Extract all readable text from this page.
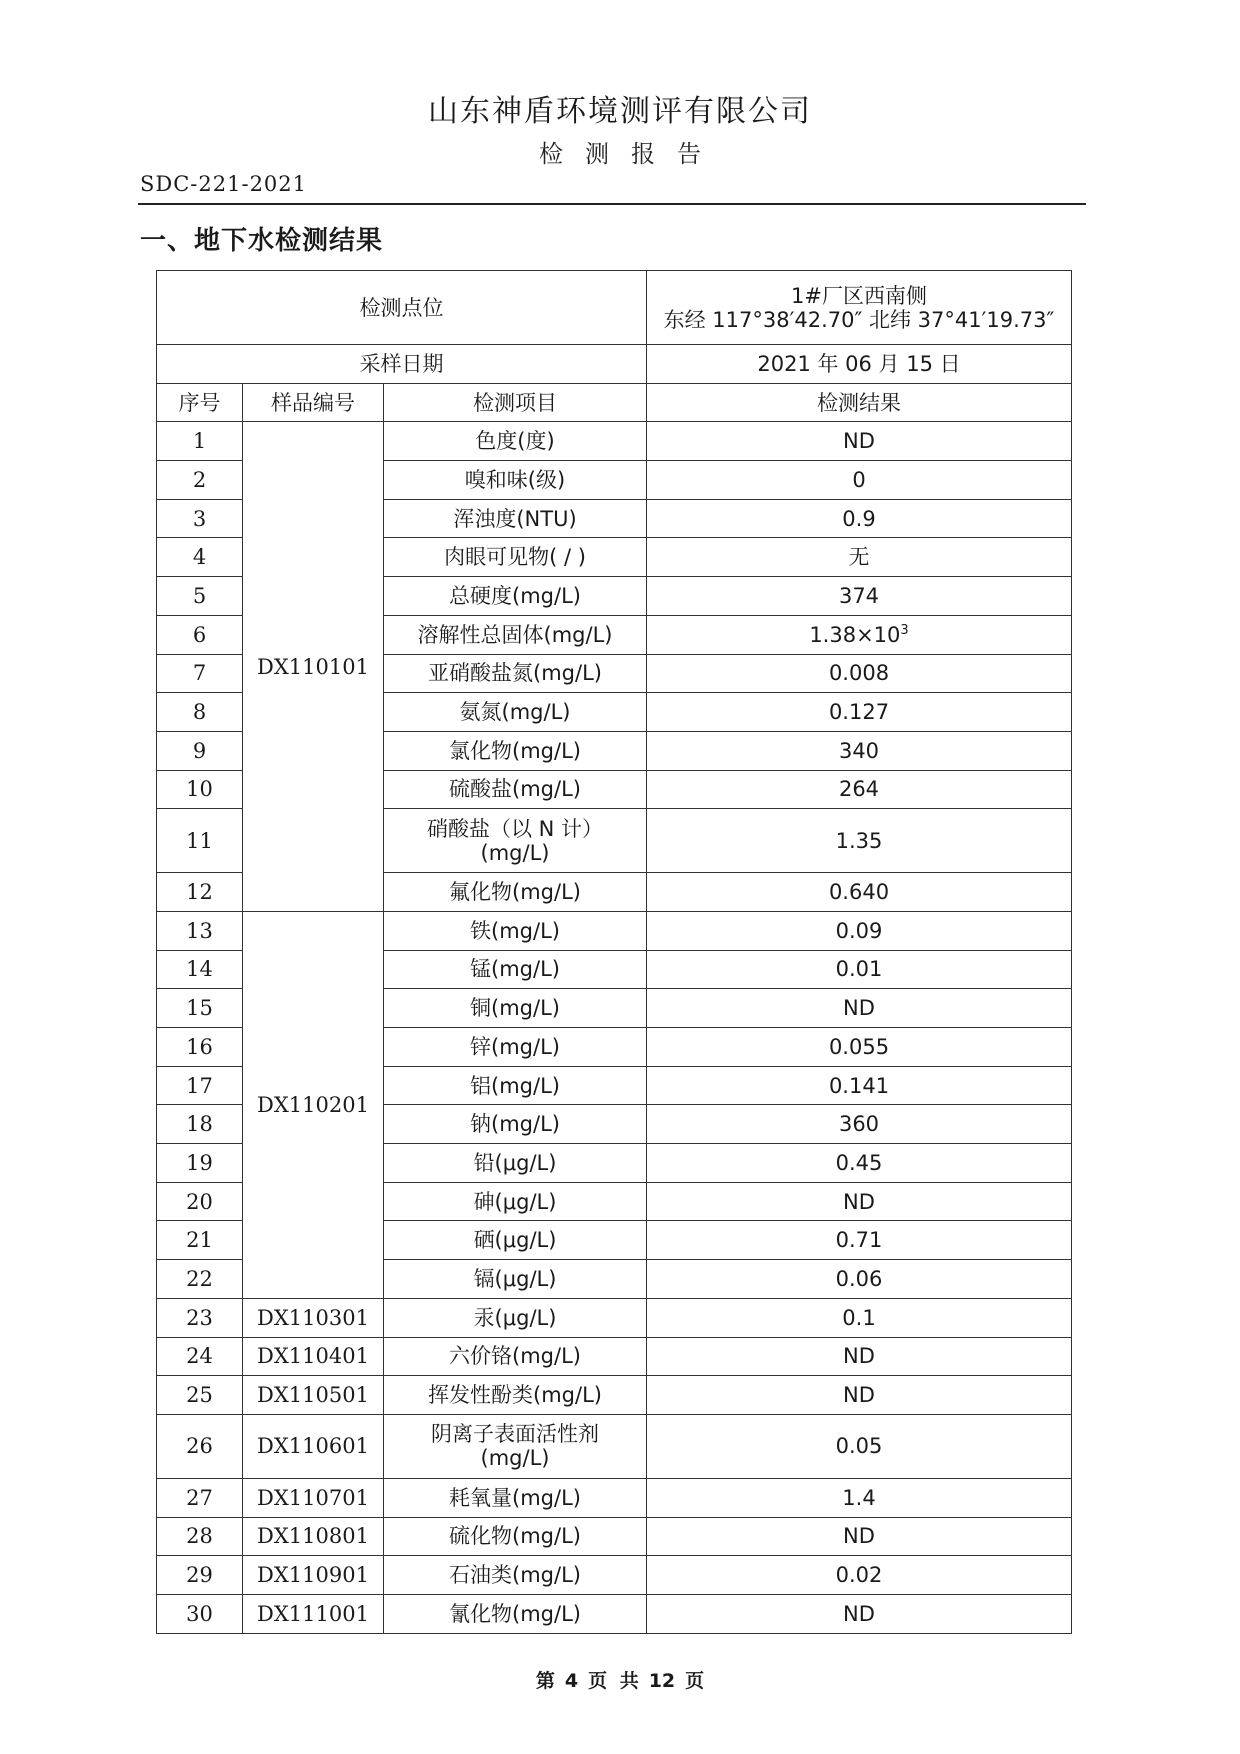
山东神盾环境测评有限公司
检测报告
SDC-221-2021
一、地下水检测结果
检测点位			1#厂区西南侧
东经 117°38′42.70″ 北纬 37°41′19.73″

采样日期			2021 年 06 月 15 日
序号	样品编号	检测项目	检测结果
1	DX110101	色度(度)	ND
2		嗅和味(级)	0
3		浑浊度(NTU)	0.9
4		肉眼可见物( / )	无
5		总硬度(mg/L)	374
6		溶解性总固体(mg/L)	$1.38\times 10^3$
7		亚硝酸盐氮(mg/L)	0.008
8		氨氮(mg/L)	0.127
9		氯化物(mg/L)	340
10		硫酸盐(mg/L)	264
11		硝酸盐（以 N 计）
(mg/L)	1.35
12		氟化物(mg/L)	0.640
13	DX110201	铁(mg/L)	0.09
14		锰(mg/L)	0.01
15		铜(mg/L)	ND
16		锌(mg/L)	0.055
17		铝(mg/L)	0.141
18		钠(mg/L)	360
19		铅(μg/L)	0.45
20		砷(μg/L)	ND
21		硒(μg/L)	0.71
22		镉(μg/L)	0.06
23	DX110301	汞(μg/L)	0.1
24	DX110401	六价铬(mg/L)	ND
25	DX110501	挥发性酚类(mg/L)	ND
26	DX110601	阴离子表面活性剂
(mg/L)	0.05
27	DX110701	耗氧量(mg/L)	1.4
28	DX110801	硫化物(mg/L)	ND
29	DX110901	石油类(mg/L)	0.02
30	DX111001	氰化物(mg/L)	ND
第 4 页 共 12 页
